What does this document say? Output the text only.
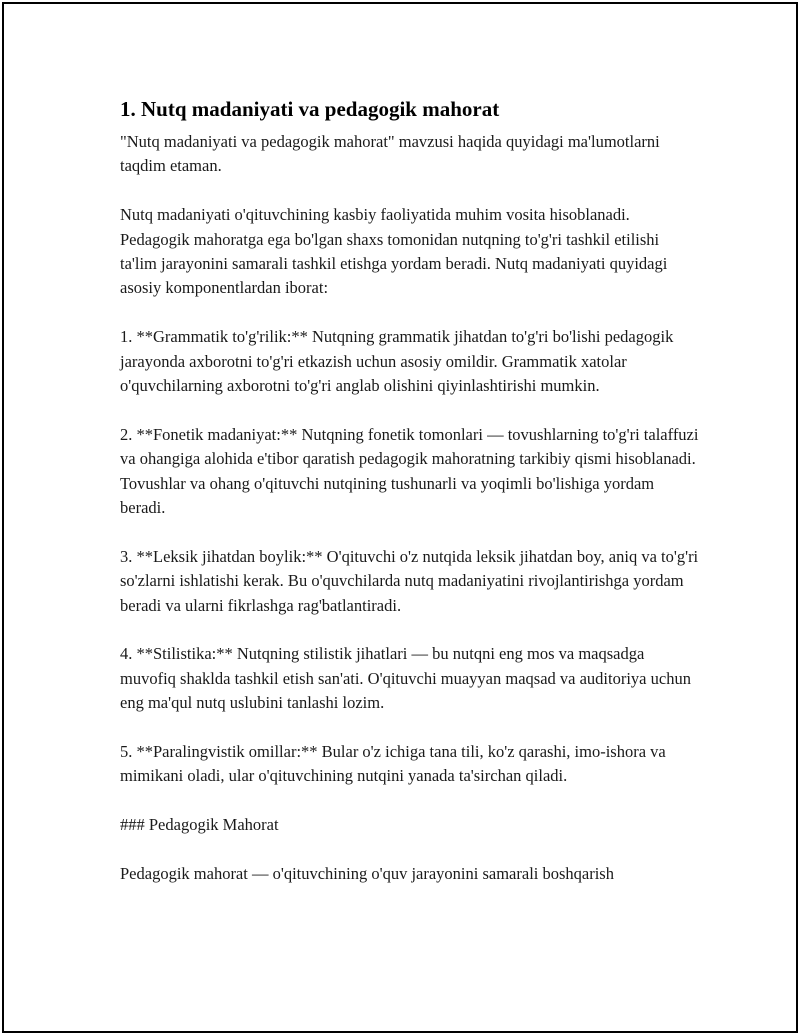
1. Nutq madaniyati va pedagogik mahorat

"Nutq madaniyati va pedagogik mahorat" mavzusi haqida quyidagi ma'lumotlarni taqdim etaman.

Nutq madaniyati o'qituvchining kasbiy faoliyatida muhim vosita hisoblanadi. Pedagogik mahoratga ega bo'lgan shaxs tomonidan nutqning to'g'ri tashkil etilishi ta'lim jarayonini samarali tashkil etishga yordam beradi. Nutq madaniyati quyidagi asosiy komponentlardan iborat:

1. **Grammatik to'g'rilik:** Nutqning grammatik jihatdan to'g'ri bo'lishi pedagogik jarayonda axborotni to'g'ri etkazish uchun asosiy omildir. Grammatik xatolar o'quvchilarning axborotni to'g'ri anglab olishini qiyinlashtirishi mumkin.

2. **Fonetik madaniyat:** Nutqning fonetik tomonlari — tovushlarning to'g'ri talaffuzi va ohangiga alohida e'tibor qaratish pedagogik mahoratning tarkibiy qismi hisoblanadi. Tovushlar va ohang o'qituvchi nutqining tushunarli va yoqimli bo'lishiga yordam beradi.

3. **Leksik jihatdan boylik:** O'qituvchi o'z nutqida leksik jihatdan boy, aniq va to'g'ri so'zlarni ishlatishi kerak. Bu o'quvchilarda nutq madaniyatini rivojlantirishga yordam beradi va ularni fikrlashga rag'batlantiradi.

4. **Stilistika:** Nutqning stilistik jihatlari — bu nutqni eng mos va maqsadga muvofiq shaklda tashkil etish san'ati. O'qituvchi muayyan maqsad va auditoriya uchun eng ma'qul nutq uslubini tanlashi lozim.

5. **Paralingvistik omillar:** Bular o'z ichiga tana tili, ko'z qarashi, imo-ishora va mimikani oladi, ular o'qituvchining nutqini yanada ta'sirchan qiladi.

### Pedagogik Mahorat

Pedagogik mahorat — o'qituvchining o'quv jarayonini samarali boshqarish
